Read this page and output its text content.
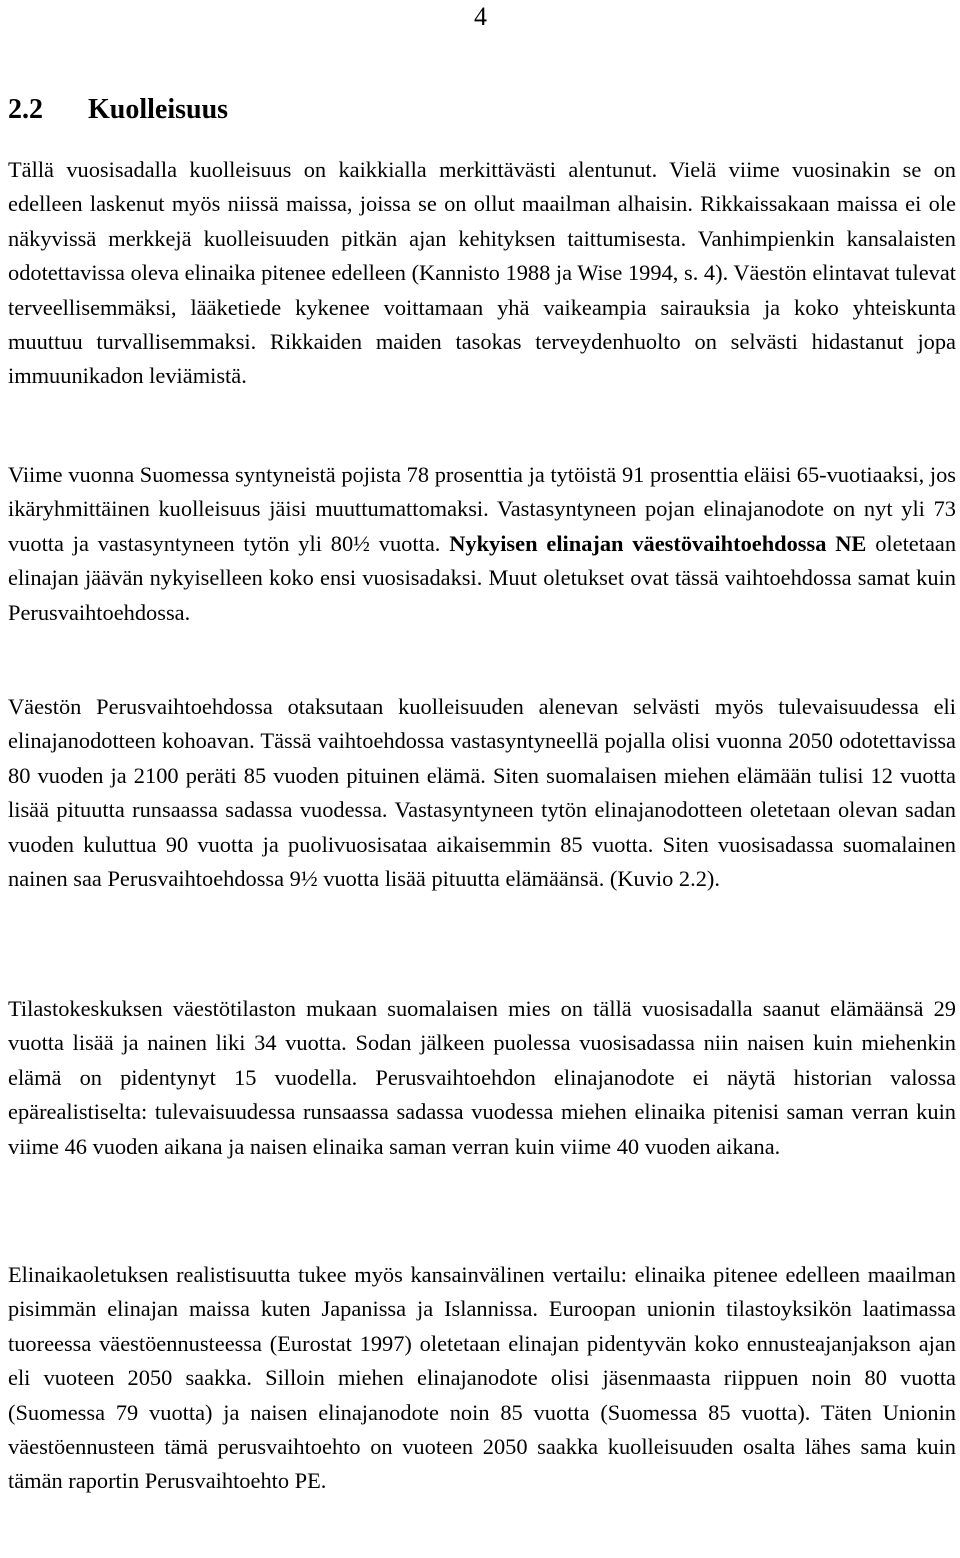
4
2.2 Kuolleisuus

Tällä vuosisadalla kuolleisuus on kaikkialla merkittävästi alentunut. Vielä viime vuosinakin se on edelleen laskenut myös niissä maissa, joissa se on ollut maailman alhaisin. Rikkaissakaan maissa ei ole näkyvissä merkkejä kuolleisuuden pitkän ajan kehityksen taittumisesta. Vanhimpienkin kansalaisten odotettavissa oleva elinaika pitenee edelleen (Kannisto 1988 ja Wise 1994, s. 4). Väestön elintavat tulevat terveellisemmäksi, lääketiede kykenee voittamaan yhä vaikeampia sairauksia ja koko yhteiskunta muuttuu turvallisemmaksi. Rikkaiden maiden tasokas terveydenhuolto on selvästi hidastanut jopa immuunikadon leviämistä.

Viime vuonna Suomessa syntyneistä pojista 78 prosenttia ja tytöistä 91 prosenttia eläisi 65-vuotiaaksi, jos ikäryhmittäinen kuolleisuus jäisi muuttumattomaksi. Vastasyntyneen pojan elinajanodote on nyt yli 73 vuotta ja vastasyntyneen tytön yli 80½ vuotta. Nykyisen elinajan väestövaihtoehdossa NE oletetaan elinajan jäävän nykyiselleen koko ensi vuosisadaksi. Muut oletukset ovat tässä vaihtoehdossa samat kuin Perusvaihtoehdossa.

Väestön Perusvaihtoehdossa otaksutaan kuolleisuuden alenevan selvästi myös tulevaisuudessa eli elinajanodotteen kohoavan. Tässä vaihtoehdossa vastasyntyneellä pojalla olisi vuonna 2050 odotettavissa 80 vuoden ja 2100 peräti 85 vuoden pituinen elämä. Siten suomalaisen miehen elämään tulisi 12 vuotta lisää pituutta runsaassa sadassa vuodessa. Vastasyntyneen tytön elinajanodotteen oletetaan olevan sadan vuoden kuluttua 90 vuotta ja puolivuosisataa aikaisemmin 85 vuotta. Siten vuosisadassa suomalainen nainen saa Perusvaihtoehdossa 9½ vuotta lisää pituutta elämäänsä. (Kuvio 2.2).

Tilastokeskuksen väestötilaston mukaan suomalaisen mies on tällä vuosisadalla saanut elämäänsä 29 vuotta lisää ja nainen liki 34 vuotta. Sodan jälkeen puolessa vuosisadassa niin naisen kuin miehenkin elämä on pidentynyt 15 vuodella. Perusvaihtoehdon elinajanodote ei näytä historian valossa epärealistiselta: tulevaisuudessa runsaassa sadassa vuodessa miehen elinaika pitenisi saman verran kuin viime 46 vuoden aikana ja naisen elinaika saman verran kuin viime 40 vuoden aikana.

Elinaikaoletuksen realistisuutta tukee myös kansainvälinen vertailu: elinaika pitenee edelleen maailman pisimmän elinajan maissa kuten Japanissa ja Islannissa. Euroopan unionin tilastoyksikön laatimassa tuoreessa väestöennusteessa (Eurostat 1997) oletetaan elinajan pidentyvän koko ennusteajanjakson ajan eli vuoteen 2050 saakka. Silloin miehen elinajanodote olisi jäsenmaasta riippuen noin 80 vuotta (Suomessa 79 vuotta) ja naisen elinajanodote noin 85 vuotta (Suomessa 85 vuotta). Täten Unionin väestöennusteen tämä perusvaihtoehto on vuoteen 2050 saakka kuolleisuuden osalta lähes sama kuin tämän raportin Perusvaihtoehto PE.
